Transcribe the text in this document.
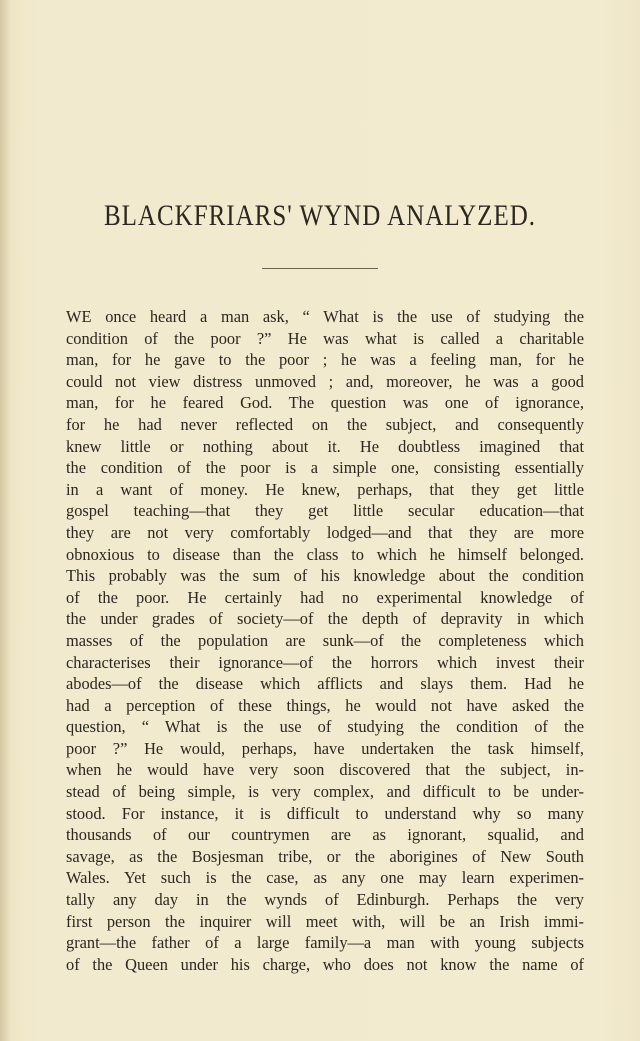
BLACKFRIARS' WYND ANALYZED.
WE once heard a man ask, “ What is the use of studying the
condition of the poor ?” He was what is called a charitable
man, for he gave to the poor ; he was a feeling man, for he
could not view distress unmoved ; and, moreover, he was a good
man, for he feared God. The question was one of ignorance,
for he had never reflected on the subject, and consequently
knew little or nothing about it. He doubtless imagined that
the condition of the poor is a simple one, consisting essentially
in a want of money. He knew, perhaps, that they get little
gospel teaching—that they get little secular education—that
they are not very comfortably lodged—and that they are more
obnoxious to disease than the class to which he himself belonged.
This probably was the sum of his knowledge about the condition
of the poor. He certainly had no experimental knowledge of
the under grades of society—of the depth of depravity in which
masses of the population are sunk—of the completeness which
characterises their ignorance—of the horrors which invest their
abodes—of the disease which afflicts and slays them. Had he
had a perception of these things, he would not have asked the
question, “ What is the use of studying the condition of the
poor ?” He would, perhaps, have undertaken the task himself,
when he would have very soon discovered that the subject, in-
stead of being simple, is very complex, and difficult to be under-
stood. For instance, it is difficult to understand why so many
thousands of our countrymen are as ignorant, squalid, and
savage, as the Bosjesman tribe, or the aborigines of New South
Wales. Yet such is the case, as any one may learn experimen-
tally any day in the wynds of Edinburgh. Perhaps the very
first person the inquirer will meet with, will be an Irish immi-
grant—the father of a large family—a man with young subjects
of the Queen under his charge, who does not know the name of
